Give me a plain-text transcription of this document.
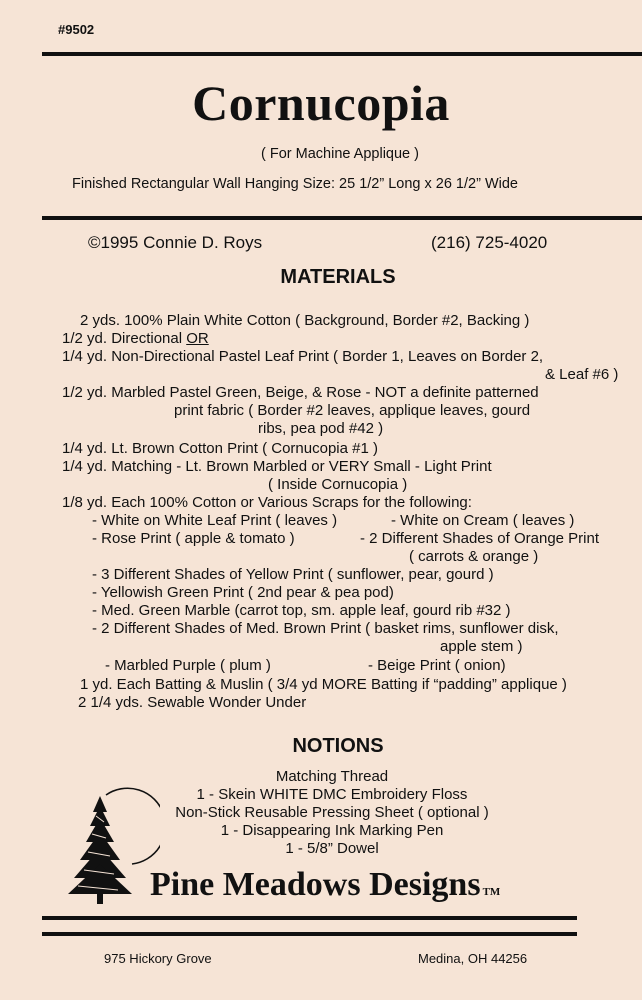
#9502
Cornucopia
( For Machine Applique )
Finished Rectangular Wall Hanging Size: 25 1/2” Long x 26 1/2” Wide
©1995 Connie D. Roys	(216) 725-4020
MATERIALS
2 yds. 100% Plain White Cotton ( Background, Border #2, Backing )
1/2 yd. Directional OR
1/4 yd. Non-Directional Pastel Leaf Print ( Border 1, Leaves on Border 2,
& Leaf #6 )
1/2 yd. Marbled Pastel Green, Beige, & Rose - NOT a definite patterned
print fabric ( Border #2 leaves, applique leaves, gourd
ribs, pea pod #42 )
1/4 yd. Lt. Brown Cotton Print ( Cornucopia #1 )
1/4 yd. Matching - Lt. Brown Marbled or VERY Small - Light Print
( Inside Cornucopia )
1/8 yd. Each 100% Cotton or Various Scraps for the following:
- White on White Leaf Print ( leaves )	- White on Cream ( leaves )
- Rose Print ( apple & tomato )	- 2 Different Shades of Orange Print
( carrots & orange )
- 3 Different Shades of Yellow Print ( sunflower, pear, gourd )
- Yellowish Green Print ( 2nd pear & pea pod)
- Med. Green Marble (carrot top, sm. apple leaf, gourd rib #32 )
- 2 Different Shades of Med. Brown Print ( basket rims, sunflower disk,
apple stem )
- Marbled Purple ( plum )	- Beige Print ( onion)
1 yd. Each Batting & Muslin ( 3/4 yd MORE Batting if “padding” applique )
2 1/4 yds. Sewable Wonder Under
NOTIONS
Matching Thread
1 - Skein WHITE DMC Embroidery Floss
Non-Stick Reusable Pressing Sheet ( optional )
1 - Disappearing Ink Marking Pen
1 - 5/8” Dowel
Pine Meadows Designs TM
975 Hickory Grove	Medina, OH 44256
